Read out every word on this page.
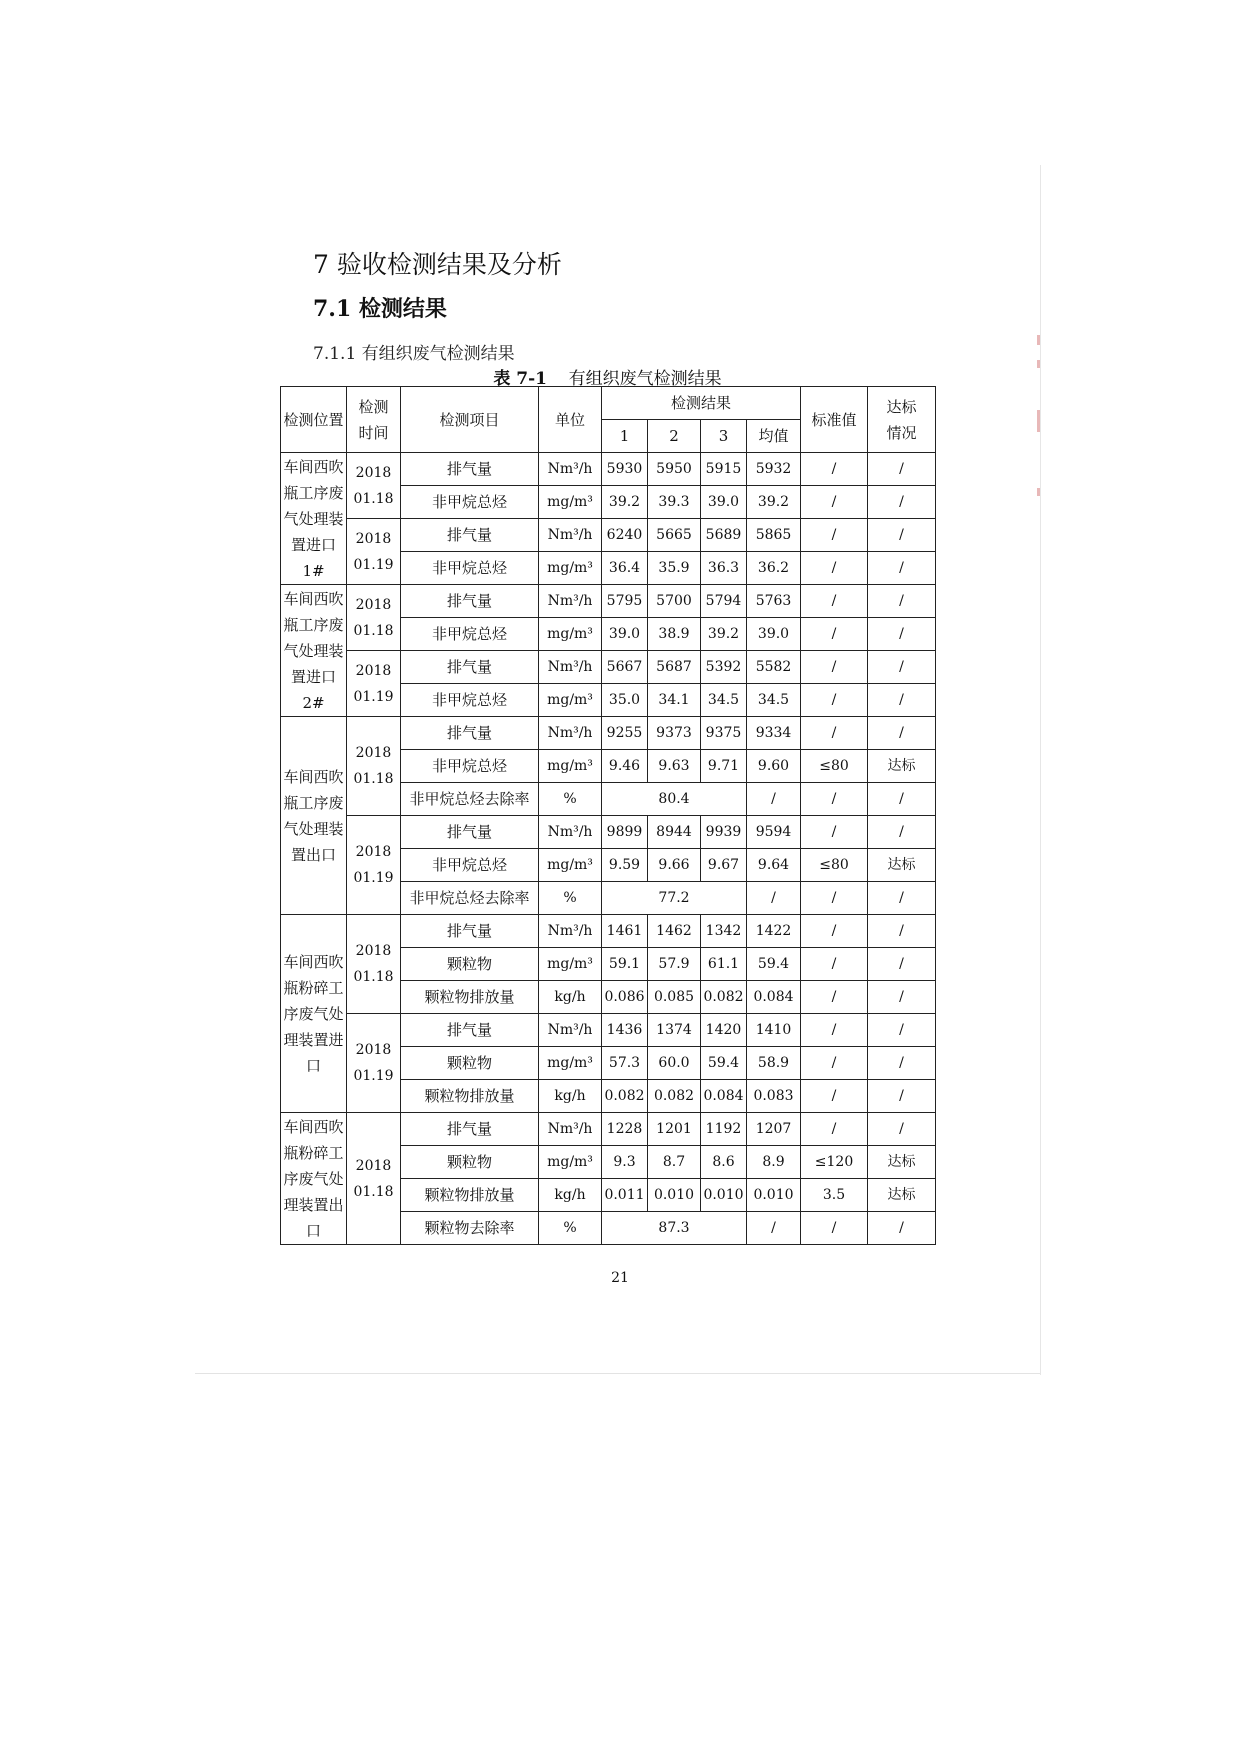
7 验收检测结果及分析
7.1 检测结果
7.1.1 有组织废气检测结果
表 7-1 有组织废气检测结果
检测位置	检测时间	检测项目	单位	检测结果				标准值	达标情况
				1	2	3	均值		
车间西吹瓶工序废气处理装置进口 1#	2018 01.18	排气量	Nm³/h	5930	5950	5915	5932	/	/
		非甲烷总烃	mg/m³	39.2	39.3	39.0	39.2	/	/
	2018 01.19	排气量	Nm³/h	6240	5665	5689	5865	/	/
		非甲烷总烃	mg/m³	36.4	35.9	36.3	36.2	/	/
车间西吹瓶工序废气处理装置进口 2#	2018 01.18	排气量	Nm³/h	5795	5700	5794	5763	/	/
		非甲烷总烃	mg/m³	39.0	38.9	39.2	39.0	/	/
	2018 01.19	排气量	Nm³/h	5667	5687	5392	5582	/	/
		非甲烷总烃	mg/m³	35.0	34.1	34.5	34.5	/	/
车间西吹瓶工序废气处理装置出口	2018 01.18	排气量	Nm³/h	9255	9373	9375	9334	/	/
		非甲烷总烃	mg/m³	9.46	9.63	9.71	9.60	≤80	达标
		非甲烷总烃去除率	%	80.4			/	/	/
	2018 01.19	排气量	Nm³/h	9899	8944	9939	9594	/	/
		非甲烷总烃	mg/m³	9.59	9.66	9.67	9.64	≤80	达标
		非甲烷总烃去除率	%	77.2			/	/	/
车间西吹瓶粉碎工序废气处理装置进口	2018 01.18	排气量	Nm³/h	1461	1462	1342	1422	/	/
		颗粒物	mg/m³	59.1	57.9	61.1	59.4	/	/
		颗粒物排放量	kg/h	0.086	0.085	0.082	0.084	/	/
	2018 01.19	排气量	Nm³/h	1436	1374	1420	1410	/	/
		颗粒物	mg/m³	57.3	60.0	59.4	58.9	/	/
		颗粒物排放量	kg/h	0.082	0.082	0.084	0.083	/	/
车间西吹瓶粉碎工序废气处理装置出口	2018 01.18	排气量	Nm³/h	1228	1201	1192	1207	/	/
		颗粒物	mg/m³	9.3	8.7	8.6	8.9	≤120	达标
		颗粒物排放量	kg/h	0.011	0.010	0.010	0.010	3.5	达标
		颗粒物去除率	%	87.3			/	/	/
21
